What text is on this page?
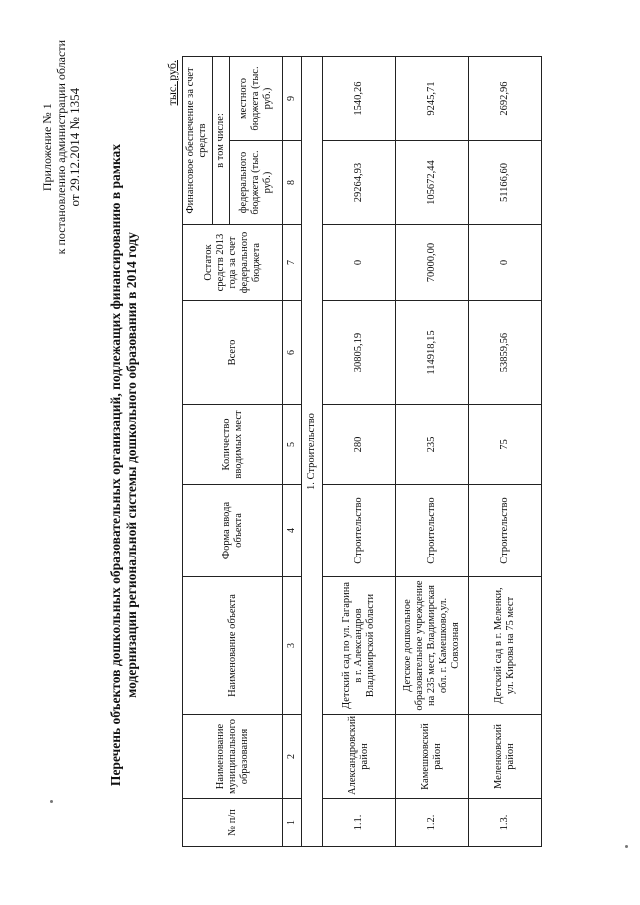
Приложение № 1 к постановлению администрации области от 29.12.2014 № 1354 Перечень объектов дошкольных образовательных организаций, подлежащих финансированию в рамках модернизации региональной системы дошкольного образования в 2014 году
тыс. руб.
№ п/п	Наименование муниципального образования	Наименование объекта	Форма ввода объекта	Количество вводимых мест	Всего	Остаток средств 2013 года за счет федерального бюджета	Финансовое обеспечение за счет средств в том числе:	

							федерального бюджета (тыс. руб.)	местного бюджета (тыс. руб.)
1	2	3	4	5	6	7	8	9
1. Строительство								
1.1.	Александровский район	Детский сад по ул. Гагарина в г. Александров Владимирской области	Строительство	280	30805,19	0	29264,93	1540,26
1.2.	Камешковский район	Детское дошкольное образовательное учреждение на 235 мест, Владимирская обл. г. Камешково,ул. Совхозная	Строительство	235	114918,15	70000,00	105672,44	9245,71
1.3.	Меленковский район	Детский сад в г. Меленки, ул. Кирова на 75 мест	Строительство	75	53859,56	0	51166,60	2692,96
